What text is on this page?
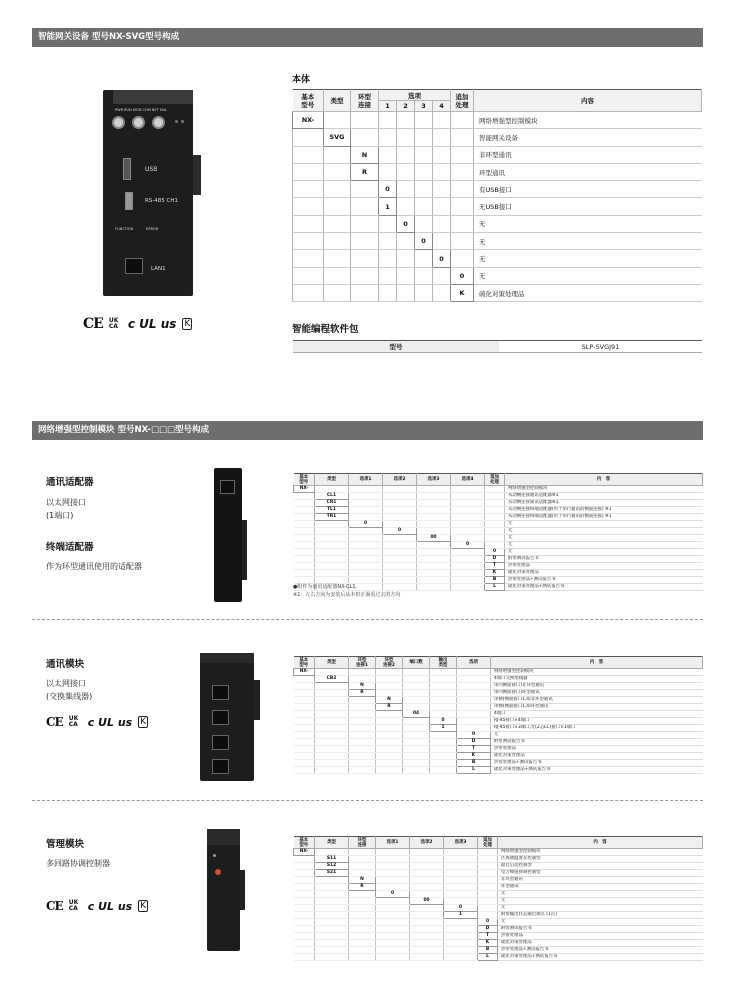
智能网关设备 型号NX-SVG型号构成
PWR RUN MOD COM NET FAIL
USB
RS-485 CH1
FUNCTION	ERROR
LAN1
CE UK CA c UL us K
本体
基本
型号	类型	环型
连接	选项				追加
处理	内容
			1	2	3	4		
NX-								网络增强型控制模块
	SVG							智能网关设备
		N						非环型通讯
		R						环型通讯
			0					有USB接口
			1					无USB接口
				0				无
					0			无
						0		无
							0	无
							K	硫化对策处理品
智能编程软件包
型号	SLP-SVGJ91
网络增强型控制模块 型号NX-□□□型号构成
通讯适配器
以太网接口
(1端口)
终端适配器
作为环型通讯使用的适配器
基本
型号	类型	选项1	选项2	选项3	选项4	追加
处理	内　容
NX-							网络增强型控制模块
	CL1						从动侧连接通讯适配器※1
	CR1						从动侧连接通讯适配器※1
	TL1						从动侧连接终端适配器(用于串行通讯的侧面连接) ※1
	TR1						从动侧连接终端适配器(用于串行通讯的侧面连接) ※1
		0					无
			0				无
				00			无
					0		无
						0	无
						D	附带测试报告书
						T	热带处理品
						K	硫化对策处理品
						B	热带处理品+测试报告书
						L	硫化对策处理品+测试报告书
●附件为通讯适配器NX-CL1。
※1：左右方向为安装后从本机正面看过去的方向
通讯模块
以太网接口
(交换集线器)
CE UK CA c UL us K
基本
型号	类型	环型
连接1	环型
连接2	端口数	输出
类型	选项	内　容
NX-							网络增强型控制模块
	CB2						4端口交换集线器
		N					串内侧面接口)非环型通讯
		R					串内侧面接口)环型通讯
			N				串侧(侧面接口1,4)非环型通讯
			R				串侧(侧面接口1,4)环型通讯
				04			4端口
					0		RJ-45接口×4端口
					1		RJ-45接口×3端口,光(2芯LC)接口×1端口
						0	无
						D	附带测试报告书
						T	热带处理品
						K	硫化对策处理品
						B	热带处理品+测试报告书
						L	硫化对策处理品+测试报告书
管理模块
多回路协调控制器
CE UK CA c UL us K
基本
型号	类型	环型
连接	选项1	选项2	选项3	追加
处理	内　容
NX-							网络增强型控制模块
	S11						区域调温度差控制型
	S12						最佳启动控制型
	S21						电力峰值抑制控制型
		N					非环型通讯
		R					环型通讯
			0				无
				00			无
					0		无
					1		附带输出状态输出端点 (1点)
						0	无
						D	附带测试报告书
						T	热带处理品
						K	硫化对策处理品
						B	热带处理品+测试报告书
						L	硫化对策处理品+测试报告书
